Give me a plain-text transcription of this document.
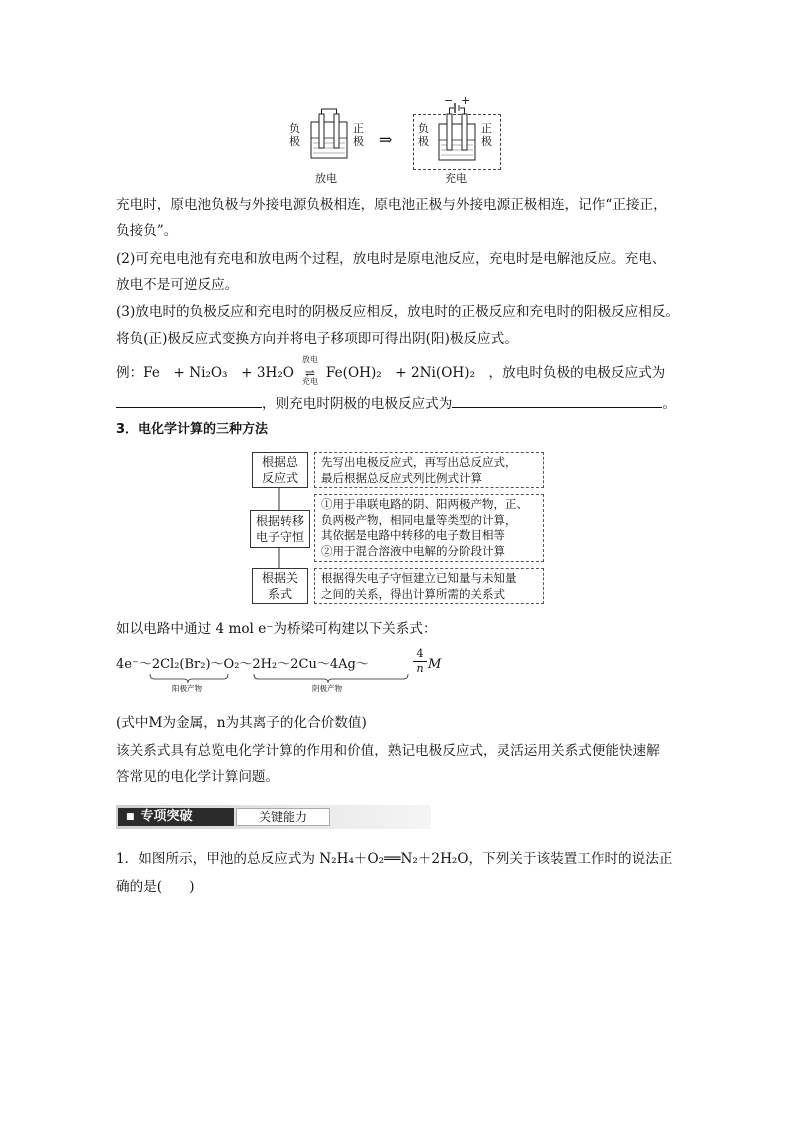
负
极
正
极
放电
⇒
− +
负
极
正
极
充电
充电时，原电池负极与外接电源负极相连，原电池正极与外接电源正极相连，记作“正接正，
负接负”。
(2)可充电电池有充电和放电两个过程，放电时是原电池反应，充电时是电解池反应。充电、
放电不是可逆反应。
(3)放电时的负极反应和充电时的阴极反应相反，放电时的正极反应和充电时的阳极反应相反。
将负(正)极反应式变换方向并将电子移项即可得出阴(阳)极反应式。
例：Fe　+ Ni₂O₃　+ 3H₂O
放电
⇌
充电
Fe(OH)₂　+ 2Ni(OH)₂　，放电时负极的电极反应式为
，则充电时阴极的电极反应式为	。
3．电化学计算的三种方法
根据总
反应式
根据转移
电子守恒
根据关
系式
先写出电极反应式，再写出总反应式，
最后根据总反应式列比例式计算
①用于串联电路的阴、阳两极产物，正、
负两极产物，相同电量等类型的计算，
其依据是电路中转移的电子数目相等
②用于混合溶液中电解的分阶段计算
根据得失电子守恒建立已知量与未知量
之间的关系，得出计算所需的关系式
如以电路中通过 4 mol e⁻为桥梁可构建以下关系式：
4e⁻～2Cl₂(Br₂)～O₂～2H₂～2Cu～4Ag～
4
n M
阳极产物	阴极产物
(式中M为金属，n为其离子的化合价数值)
该关系式具有总览电化学计算的作用和价值，熟记电极反应式，灵活运用关系式便能快速解
答常见的电化学计算问题。
■ 专项突破	关键能力
1．如图所示，甲池的总反应式为 N₂H₄＋O₂══N₂＋2H₂O，下列关于该装置工作时的说法正
确的是(　　)
